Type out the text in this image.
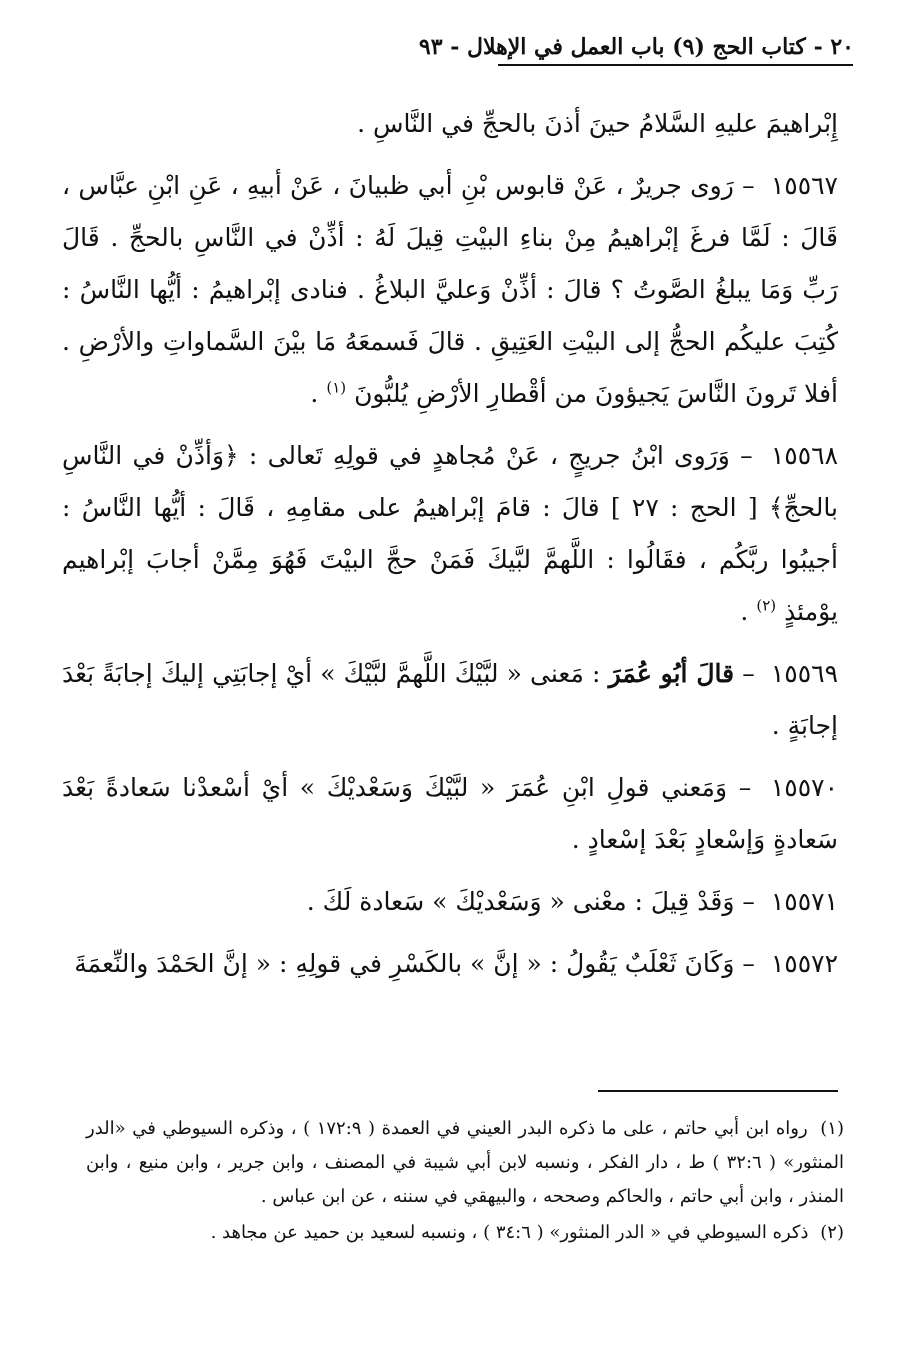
٢٠ - كتاب الحج (٩) باب العمل في الإهلال - ٩٣

إِبْراهيمَ عليهِ السَّلامُ حينَ أذنَ بالحجِّ في النَّاسِ .

١٥٥٦٧ – رَوى جريرٌ ، عَنْ قابوس بْنِ أبي ظبيانَ ، عَنْ أبيهِ ، عَنِ ابْنِ عبَّاس ، قَالَ : لَمَّا فرغَ إبْراهيمُ مِنْ بناءِ البيْتِ قِيلَ لَهُ : أذِّنْ في النَّاسِ بالحجِّ . قَالَ رَبِّ وَمَا يبلغُ الصَّوتُ ؟ قالَ : أذِّنْ وَعليَّ البلاغُ . فنادى إبْراهيمُ : أيُّها النَّاسُ : كُتِبَ عليكُم الحجُّ إلى البيْتِ العَتِيقِ . قالَ فَسمعَهُ مَا بيْنَ السَّماواتِ والأرْضِ . أفلا تَرونَ النَّاسَ يَجيؤونَ من أقْطارِ الأرْضِ يُلبُّونَ $^{(١)}$ .

١٥٥٦٨ – وَرَوى ابْنُ جريجٍ ، عَنْ مُجاهدٍ في قولِهِ تَعالى : ﴿وَأذِّنْ في النَّاسِ بالحجِّ﴾ [ الحج : ٢٧ ] قالَ : قامَ إبْراهيمُ على مقامِهِ ، قَالَ : أيُّها النَّاسُ : أجيبُوا ربَّكُم ، فقَالُوا : اللَّهمَّ لبَّيكَ فَمَنْ حجَّ البيْتَ فَهُوَ مِمَّنْ أجابَ إبْراهيم يوْمئذٍ $^{(٢)}$ .

١٥٥٦٩ – قالَ أبُو عُمَرَ : مَعنى « لبَّيْكَ اللَّهمَّ لبَّيْكَ » أيْ إجابَتِي إليكَ إجابَةً بَعْدَ إجابَةٍ .

١٥٥٧٠ – وَمَعني قولِ ابْنِ عُمَرَ « لبَّيْكَ وَسَعْديْكَ » أيْ أسْعدْنا سَعادةً بَعْدَ سَعادةٍ وَإسْعادٍ بَعْدَ إسْعادٍ .

١٥٥٧١ – وَقَدْ قِيلَ : معْنى « وَسَعْديْكَ » سَعادة لَكَ .

١٥٥٧٢ – وَكَانَ ثَعْلَبٌ يَقُولُ : « إنَّ » بالكَسْرِ في قولِهِ : « إنَّ الحَمْدَ والنِّعمَةَ

(١) رواه ابن أبي حاتم ، على ما ذكره البدر العيني في العمدة ( ١٧٢:٩ ) ، وذكره السيوطي في «الدر المنثور» ( ٣٢:٦ ) ط ، دار الفكر ، ونسبه لابن أبي شيبة في المصنف ، وابن جرير ، وابن منيع ، وابن المنذر ، وابن أبي حاتم ، والحاكم وصححه ، والبيهقي في سننه ، عن ابن عباس .

(٢) ذكره السيوطي في « الدر المنثور» ( ٣٤:٦ ) ، ونسبه لسعيد بن حميد عن مجاهد .
